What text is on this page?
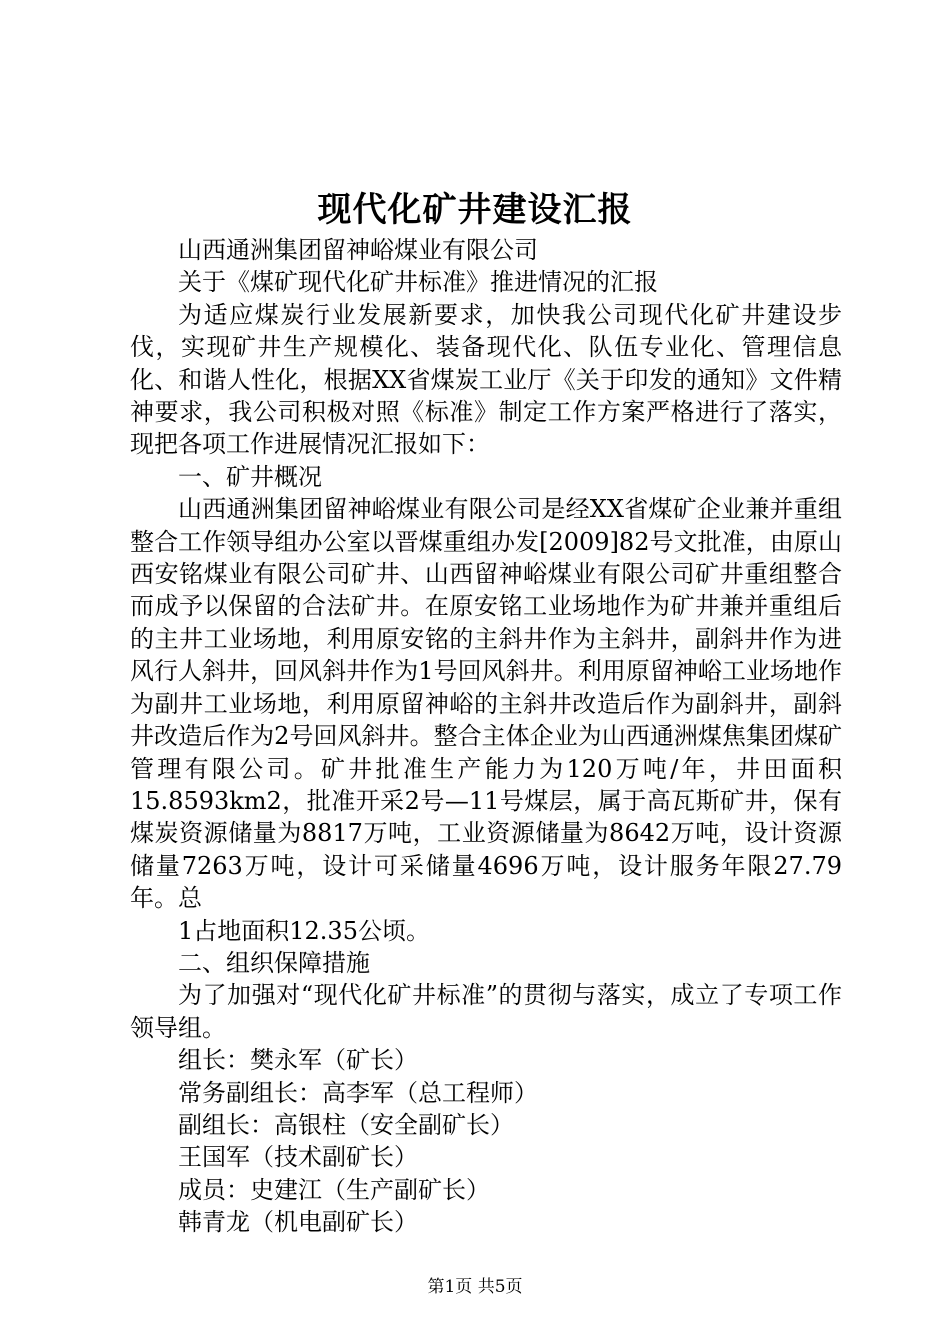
现代化矿井建设汇报

山西通洲集团留神峪煤业有限公司

关于《煤矿现代化矿井标准》推进情况的汇报

为适应煤炭行业发展新要求，加快我公司现代化矿井建设步伐，实现矿井生产规模化、装备现代化、队伍专业化、管理信息化、和谐人性化，根据XX省煤炭工业厅《关于印发的通知》文件精神要求，我公司积极对照《标准》制定工作方案严格进行了落实，现把各项工作进展情况汇报如下：

一、矿井概况

山西通洲集团留神峪煤业有限公司是经XX省煤矿企业兼并重组整合工作领导组办公室以晋煤重组办发[2009]82号文批准，由原山西安铭煤业有限公司矿井、山西留神峪煤业有限公司矿井重组整合而成予以保留的合法矿井。在原安铭工业场地作为矿井兼并重组后的主井工业场地，利用原安铭的主斜井作为主斜井，副斜井作为进风行人斜井，回风斜井作为1号回风斜井。利用原留神峪工业场地作为副井工业场地，利用原留神峪的主斜井改造后作为副斜井，副斜井改造后作为2号回风斜井。整合主体企业为山西通洲煤焦集团煤矿管理有限公司。矿井批准生产能力为120万吨/年，井田面积15.8593km2，批准开采2号—11号煤层，属于高瓦斯矿井，保有煤炭资源储量为8817万吨，工业资源储量为8642万吨，设计资源储量7263万吨，设计可采储量4696万吨，设计服务年限27.79年。总

1占地面积12.35公顷。

二、组织保障措施

为了加强对“现代化矿井标准”的贯彻与落实，成立了专项工作领导组。

组长：樊永军（矿长）

常务副组长：高李军（总工程师）

副组长：高银柱（安全副矿长）

王国军（技术副矿长）

成员：史建江（生产副矿长）

韩青龙（机电副矿长）

第1页 共5页
